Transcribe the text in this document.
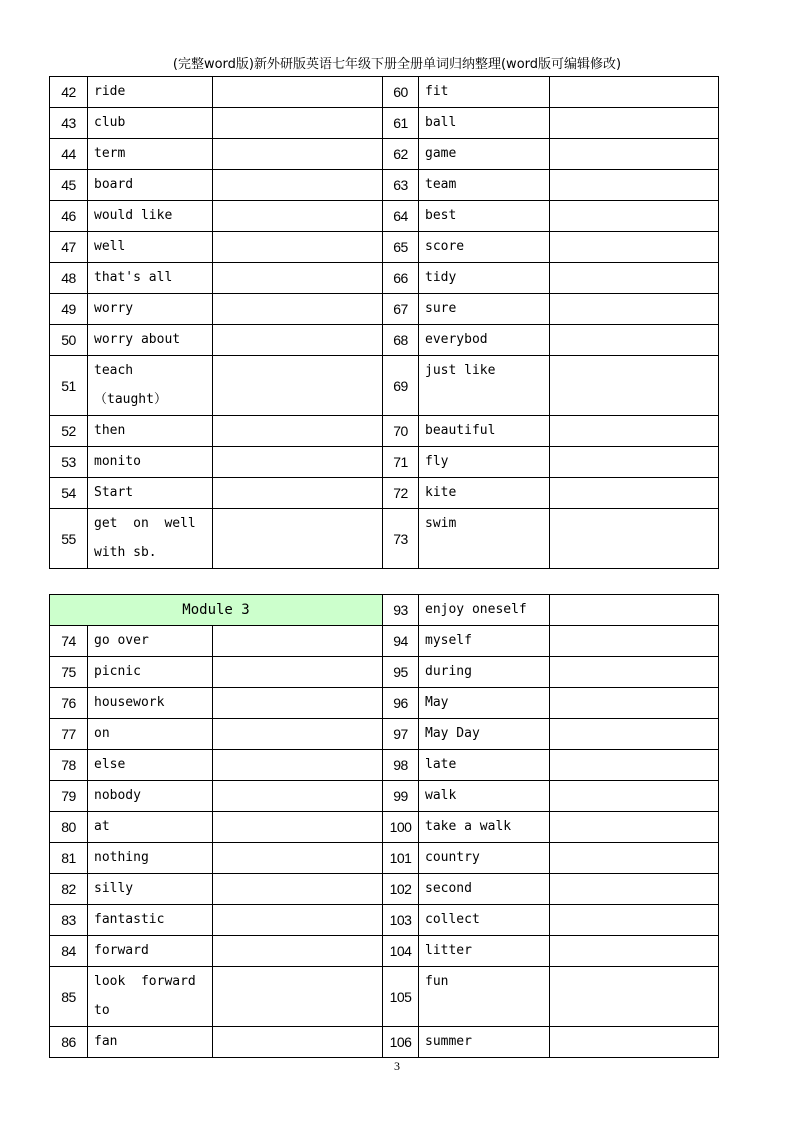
(完整word版)新外研版英语七年级下册全册单词归纳整理(word版可编辑修改)
42	ride		60	fit	
43	club		61	ball	
44	term		62	game	
45	board		63	team	
46	would like		64	best	
47	well		65	score	
48	that's all		66	tidy	
49	worry		67	sure	
50	worry about		68	everybod	
51	teach
（taught）		69	just like	
52	then		70	beautiful	
53	monito		71	fly	
54	Start		72	kite	
55	get  on  well
with sb.		73	swim	
Module 3			93	enjoy oneself	
74	go over		94	myself	
75	picnic		95	during	
76	housework		96	May	
77	on		97	May Day	
78	else		98	late	
79	nobody		99	walk	
80	at		100	take a walk	
81	nothing		101	country	
82	silly		102	second	
83	fantastic		103	collect	
84	forward		104	litter	
85	look  forward
to		105	fun	
86	fan		106	summer	
3
